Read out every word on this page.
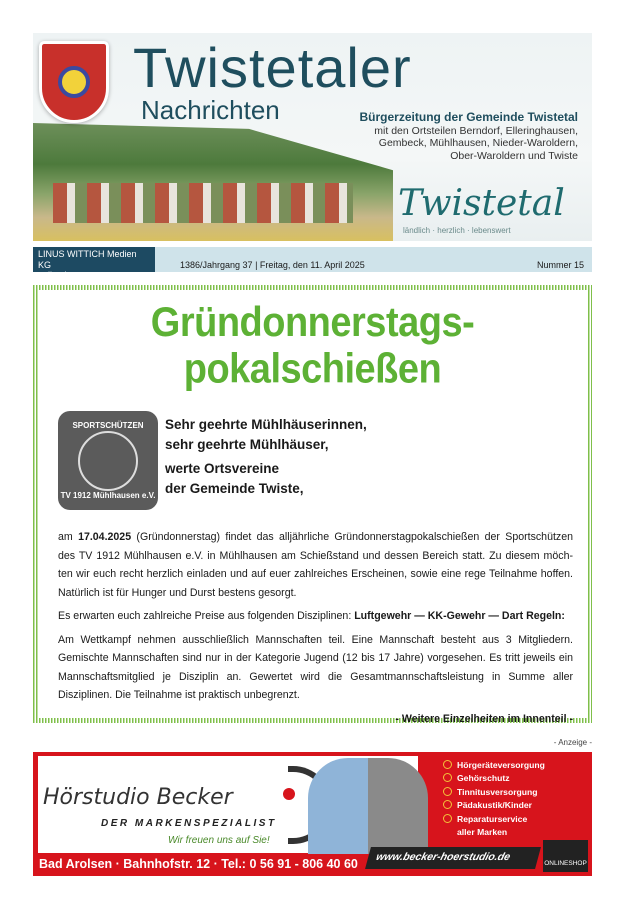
Twistetaler
Nachrichten	Bürgerzeitung der Gemeinde Twistetal
mit den Ortsteilen Berndorf, Elleringhausen,
Gembeck, Mühlhausen, Nieder-Waroldern,
Ober-Waroldern und Twiste
Twistetal
ländlich · herzlich · lebenswert
LINUS WITTICH Medien KG
online lesen: www.wittich.de
1386/Jahrgang 37 | Freitag, den 11. April 2025	Nummer 15
Gründonnerstags-
pokalschießen
SPORTSCHÜTZEN
TV 1912 Mühlhausen e.V.

Sehr geehrte Mühlhäuserinnen,
sehr geehrte Mühlhäuser,

werte Ortsvereine
der Gemeinde Twiste,

am 17.04.2025 (Gründonnerstag) findet das alljährliche Gründonnerstagpokalschießen der Sportschützen des TV 1912 Mühlhausen e.V. in Mühlhausen am Schießstand und dessen Bereich statt. Zu diesem möch- ten wir euch recht herzlich einladen und auf euer zahlreiches Erscheinen, sowie eine rege Teilnahme hoffen. Natürlich ist für Hunger und Durst bestens gesorgt.

Es erwarten euch zahlreiche Preise aus folgenden Disziplinen: Luftgewehr — KK-Gewehr — Dart Regeln:

Am Wettkampf nehmen ausschließlich Mannschaften teil. Eine Mannschaft besteht aus 3 Mitgliedern. Gemischte Mannschaften sind nur in der Kategorie Jugend (12 bis 17 Jahre) vorgesehen. Es tritt jeweils ein Mannschaftsmitglied je Disziplin an. Gewertet wird die Gesamtmannschaftsleistung in Summe aller Disziplinen. Die Teilnahme ist praktisch unbegrenzt.

- Weitere Einzelheiten im Innenteil -
- Anzeige -
Hörstudio Becker
DER MARKENSPEZIALIST
Wir freuen uns auf Sie!
Hörgeräteversorgung
Gehörschutz
Tinnitusversorgung
Pädakustik/Kinder
Reparaturservice
aller Marken
Bad Arolsen · Bahnhofstr. 12 · Tel.: 0 56 91 - 806 40 60	www.becker-hoerstudio.de
ONLINESHOP
